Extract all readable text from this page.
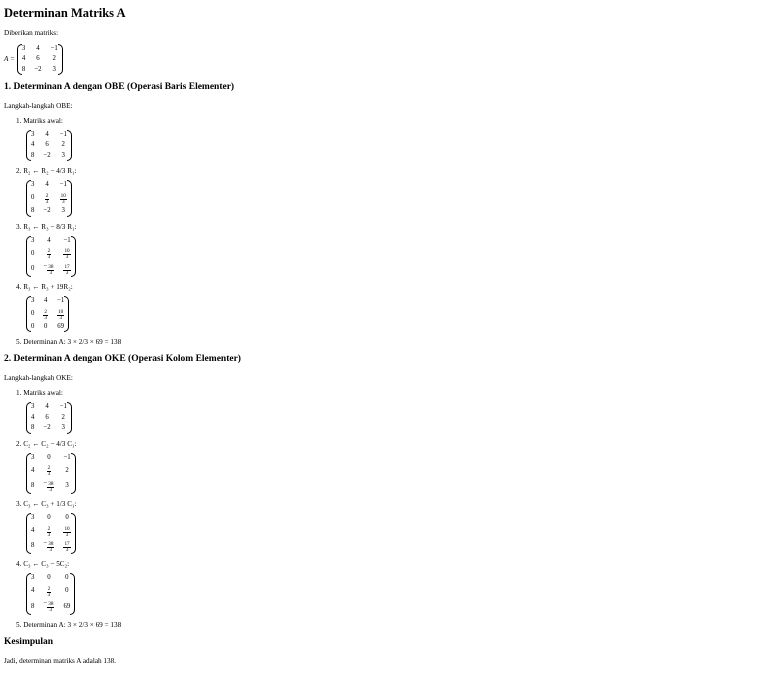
Determinan Matriks A

Diberikan matriks:

A =
3 4 −1
4 6 2
8 −2 3
1. Determinan A dengan OBE (Operasi Baris Elementer)

Langkah-langkah OBE:

1. Matriks awal:
3 4 −1
4 6 2
8 −2 3
2. R₂ ← R₂ − 4/3 R₁:
3 4 −1
$0 \frac{2}{3} \frac{10}{3}$
8 −2 3
3. R₃ ← R₃ − 8/3 R₁:
3 4 −1
$0 \frac{2}{3} \frac{10}{3}$
$0 - \frac{38}{3} \frac{17}{3}$
4. R₃ ← R₃ + 19R₂:
3 4 −1
$0 \frac{2}{3} \frac{10}{3}$
0 0 69
5. Determinan A: 3 × 2/3 × 69 = 138
2. Determinan A dengan OKE (Operasi Kolom Elementer)

Langkah-langkah OKE:

1. Matriks awal:
3 4 −1
4 6 2
8 −2 3
2. C₂ ← C₂ − 4/3 C₁:
3 0 −1
$4 \frac{2}{3} 2$
$8 - \frac{38}{3} 3$
3. C₃ ← C₃ + 1/3 C₁:
3 0 0
$4 \frac{2}{3} \frac{10}{3}$
$8 - \frac{38}{3} \frac{17}{3}$
4. C₃ ← C₃ − 5C₂:
3 0 0
$4 \frac{2}{3} 0$
$8 - \frac{38}{3} 69$
5. Determinan A: 3 × 2/3 × 69 = 138
Kesimpulan

Jadi, determinan matriks A adalah 138.
